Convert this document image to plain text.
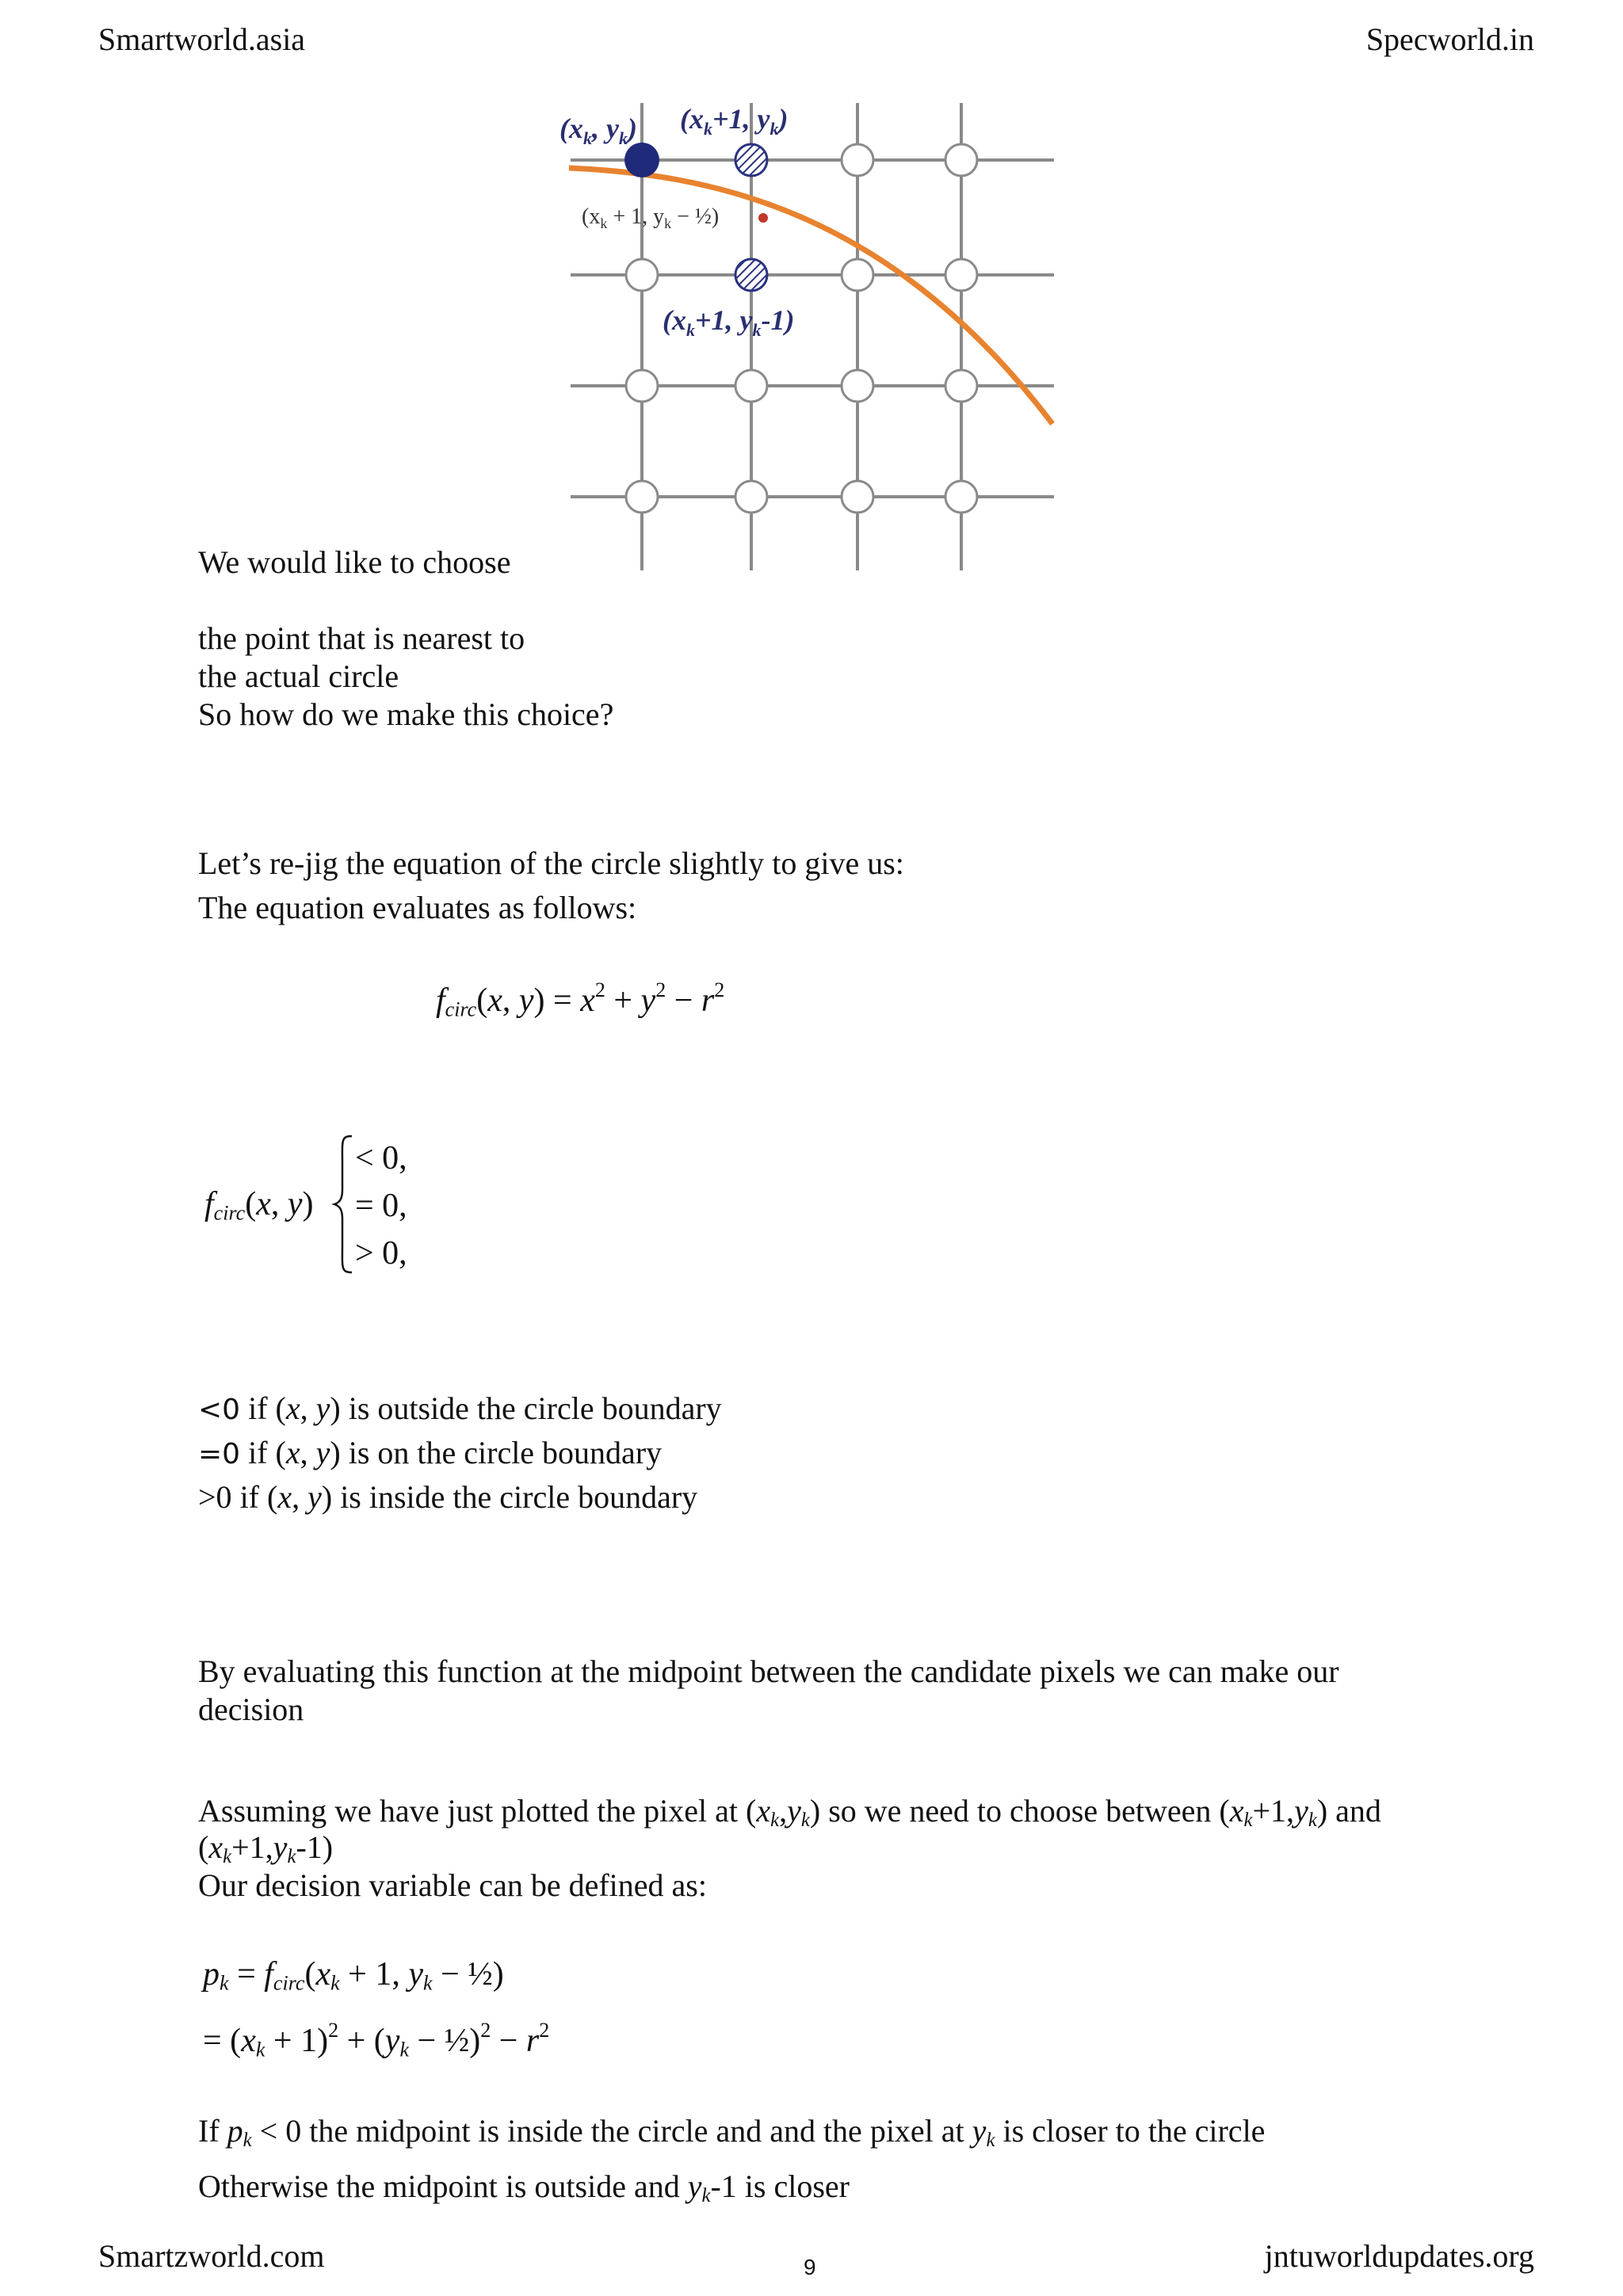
Smartworld.asia	Specworld.in
($x_k$, $y_k$) ($x_k+1$, $y_k$)
($x_k + 1$, $y_k$ − ½)
($x_k+1$, $y_k-1$)
We would like to choose
the point that is nearest to
the actual circle
So how do we make this choice?
Let’s re-jig the equation of the circle slightly to give us:
The equation evaluates as follows:
$f_{circ}(x$, $y) = x^2 + y^2 - r^2$
$f_{circ}(x$, y)
< 0,
= 0,
> 0,
<0 if (x, y) is outside the circle boundary
=0 if (x, y) is on the circle boundary
>0 if (x, y) is inside the circle boundary
By evaluating this function at the midpoint between the candidate pixels we can make our
decision
Assuming we have just plotted the pixel at $(x_k,y_k)$ so we need to choose between $(x_k+1,y_k)$ and
$(x_k+1,y_k-1)$
Our decision variable can be defined as:
$p_k = f_{circ}(x_k + 1$, $y_k$ − ½)
= $(x_k + 1)^2 + (y_k$ − ½)$^2$ − $r^2$
If $p_k < 0$ the midpoint is inside the circle and and the pixel at $y_k$ is closer to the circle
Otherwise the midpoint is outside and $y_k-1$ is closer
Smartzworld.com	9	jntuworldupdates.org
